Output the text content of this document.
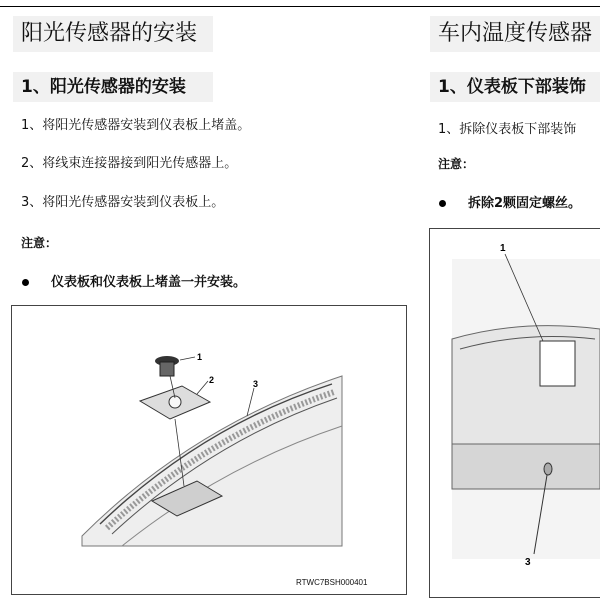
阳光传感器的安装	车内温度传感器
1、阳光传感器的安装	1、仪表板下部装饰
1、将阳光传感器安装到仪表板上堵盖。
2、将线束连接器接到阳光传感器上。
3、将阳光传感器安装到仪表板上。
注意：
仪表板和仪表板上堵盖一并安装。
1、拆除仪表板下部装饰
注意：
拆除2颗固定螺丝。
1
2	3
RTWC7BSH000401
1
3
